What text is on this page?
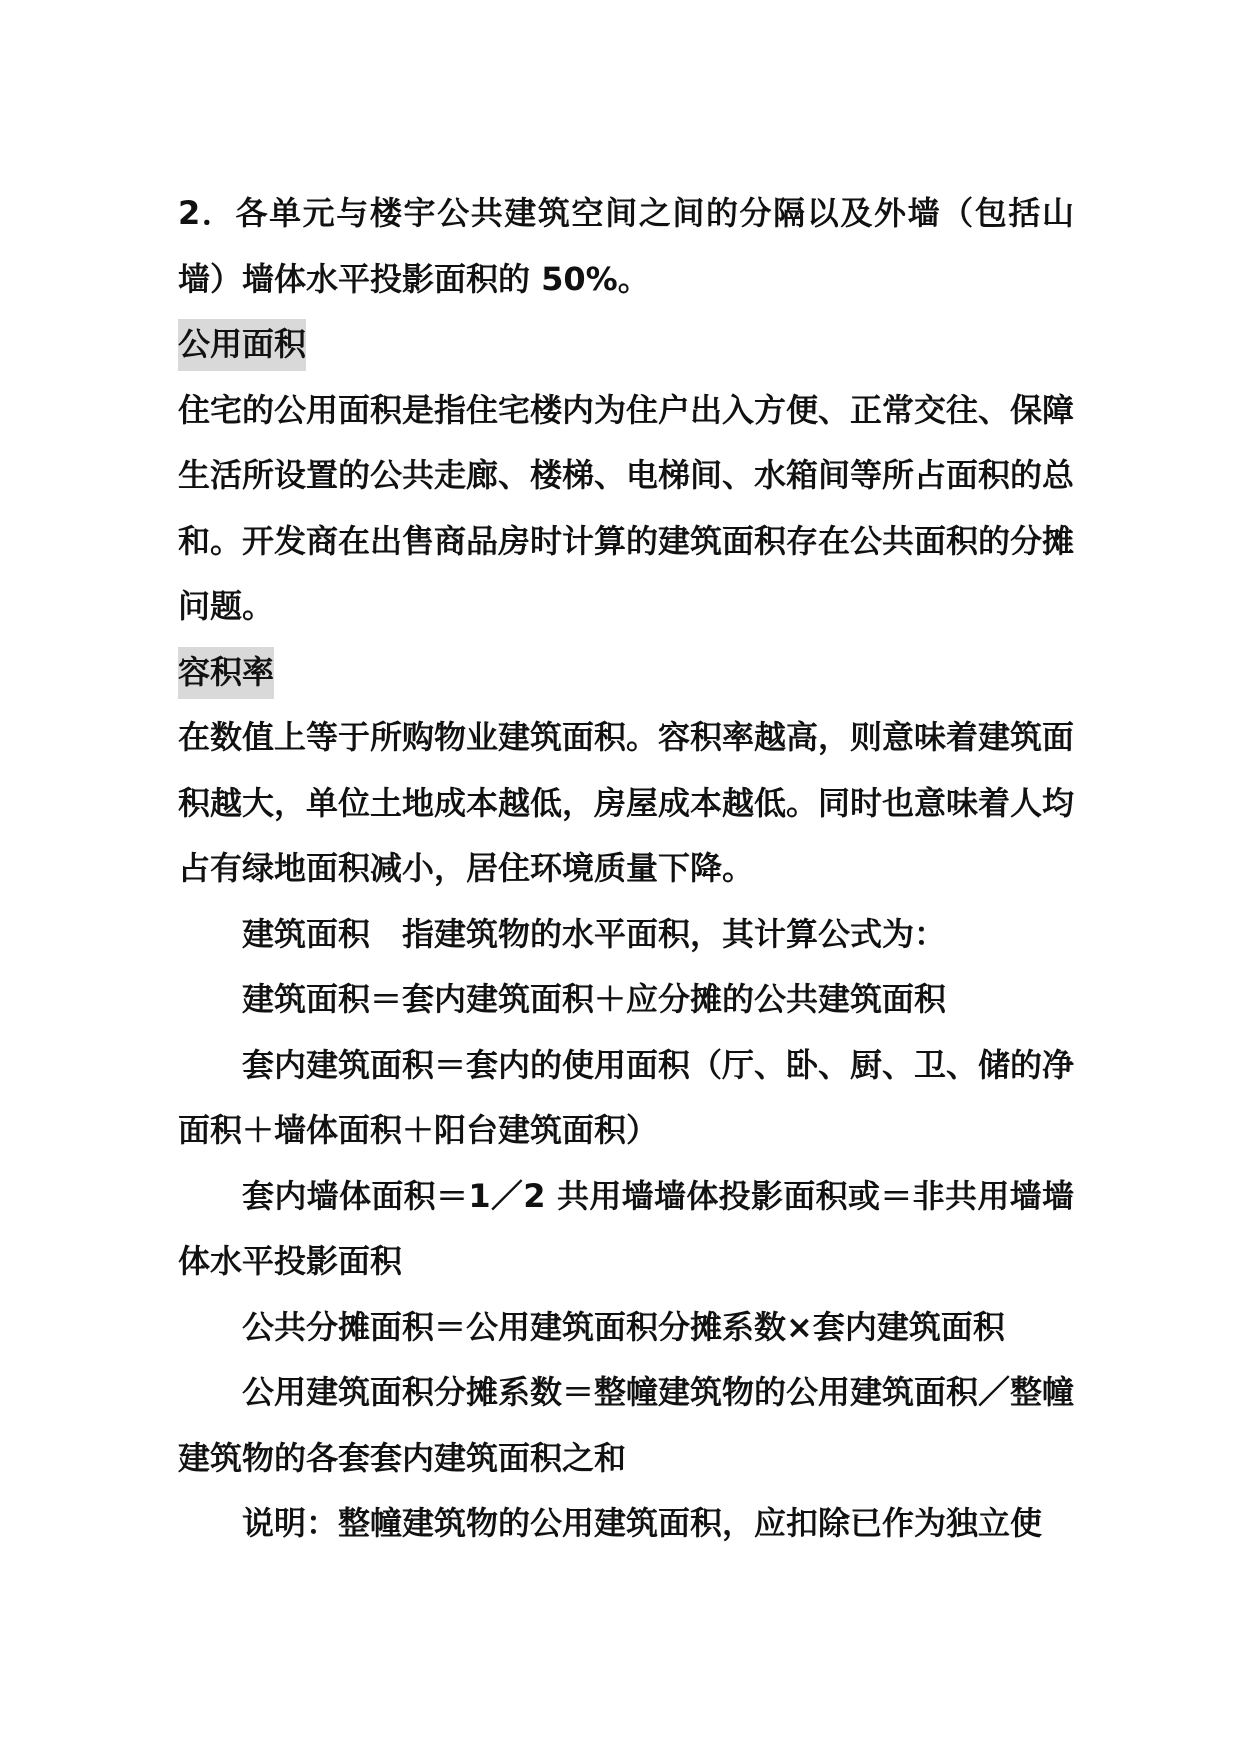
2．各单元与楼宇公共建筑空间之间的分隔以及外墙（包括山墙）墙体水平投影面积的 50%。

公用面积

住宅的公用面积是指住宅楼内为住户出入方便、正常交往、保障生活所设置的公共走廊、楼梯、电梯间、水箱间等所占面积的总和。开发商在出售商品房时计算的建筑面积存在公共面积的分摊问题。

容积率

在数值上等于所购物业建筑面积。容积率越高，则意味着建筑面积越大，单位土地成本越低，房屋成本越低。同时也意味着人均占有绿地面积减小，居住环境质量下降。

建筑面积　指建筑物的水平面积，其计算公式为：

建筑面积＝套内建筑面积＋应分摊的公共建筑面积

套内建筑面积＝套内的使用面积（厅、卧、厨、卫、储的净面积＋墙体面积＋阳台建筑面积）

套内墙体面积＝1／2 共用墙墙体投影面积或＝非共用墙墙体水平投影面积

公共分摊面积＝公用建筑面积分摊系数×套内建筑面积

公用建筑面积分摊系数＝整幢建筑物的公用建筑面积／整幢建筑物的各套套内建筑面积之和

说明：整幢建筑物的公用建筑面积，应扣除已作为独立使
